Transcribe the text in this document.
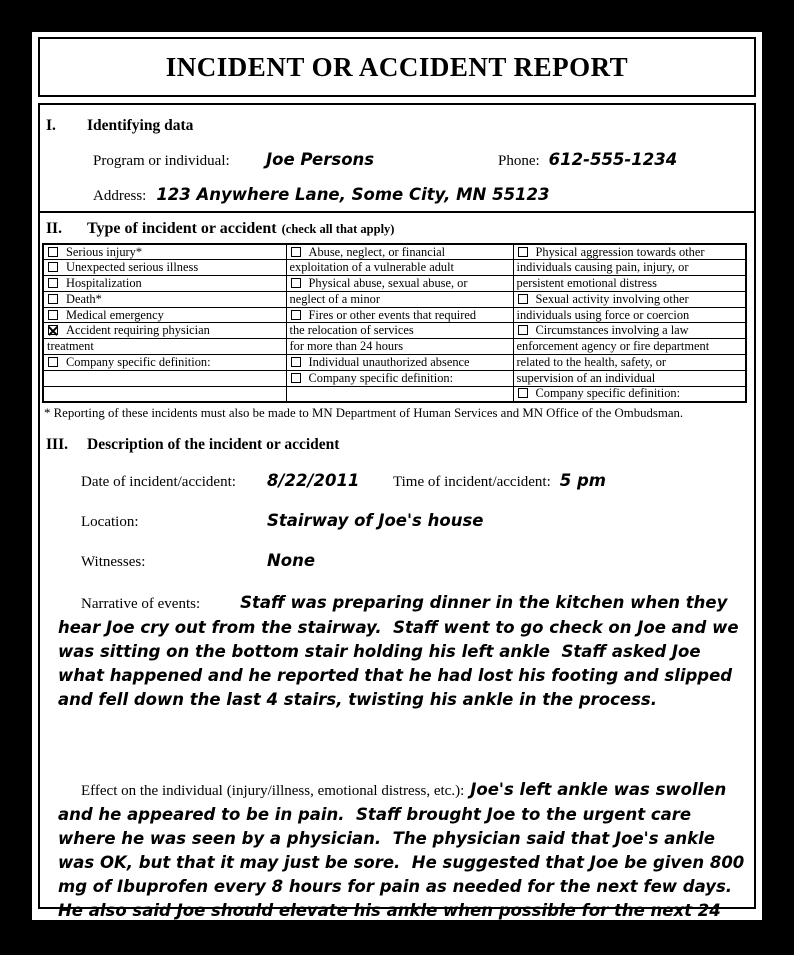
INCIDENT OR ACCIDENT REPORT
I.	Identifying data
Program or individual:	Joe Persons	Phone: 612-555-1234
Address: 123 Anywhere Lane, Some City, MN 55123
II.	Type of incident or accident (check all that apply)
Serious injury*	Abuse, neglect, or financial	Physical aggression towards other
Unexpected serious illness	exploitation of a vulnerable adult	individuals causing pain, injury, or
Hospitalization	Physical abuse, sexual abuse, or	persistent emotional distress
Death*	neglect of a minor	Sexual activity involving other
Medical emergency	Fires or other events that required	individuals using force or coercion
Accident requiring physician	the relocation of services	Circumstances involving a law
treatment	for more than 24 hours	enforcement agency or fire department
Company specific definition:	Individual unauthorized absence	related to the health, safety, or
	Company specific definition:	supervision of an individual
		Company specific definition:
* Reporting of these incidents must also be made to MN Department of Human Services and MN Office of the Ombudsman.
III.	Description of the incident or accident
Date of incident/accident:	8/22/2011	Time of incident/accident: 5 pm
Location:	Stairway of Joe's house
Witnesses:	None
Narrative of events: Staff was preparing dinner in the kitchen when they hear Joe cry out from the stairway.  Staff went to go check on Joe and we was sitting on the bottom stair holding his left ankle  Staff asked Joe what happened and he reported that he had lost his footing and slipped and fell down the last 4 stairs, twisting his ankle in the process.
Effect on the individual (injury/illness, emotional distress, etc.): Joe's left ankle was swollen and he appeared to be in pain.  Staff brought Joe to the urgent care where he was seen by a physician.  The physician said that Joe's ankle was OK, but that it may just be sore.  He suggested that Joe be given 800 mg of Ibuprofen every 8 hours for pain as needed for the next few days.  He also said Joe should elevate his ankle when possible for the next 24 hours to help decrease the swelling.
